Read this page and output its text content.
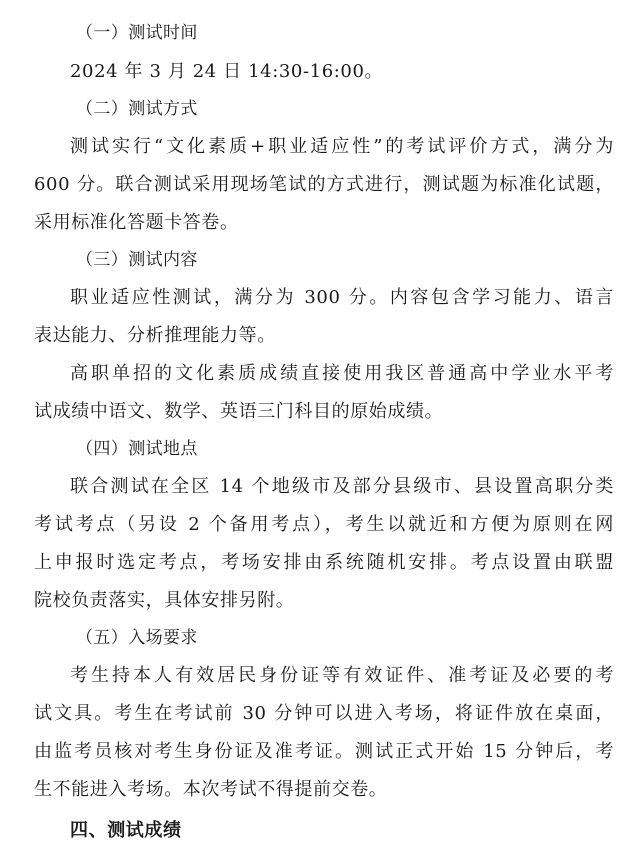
（一）测试时间
2024 年 3 月 24 日 14:30-16:00。
（二）测试方式
测试实行“文化素质+职业适应性”的考试评价方式，满分为
600 分。联合测试采用现场笔试的方式进行，测试题为标准化试题，
采用标准化答题卡答卷。
（三）测试内容
职业适应性测试，满分为 300 分。内容包含学习能力、语言
表达能力、分析推理能力等。
高职单招的文化素质成绩直接使用我区普通高中学业水平考
试成绩中语文、数学、英语三门科目的原始成绩。
（四）测试地点
联合测试在全区 14 个地级市及部分县级市、县设置高职分类
考试考点（另设 2 个备用考点），考生以就近和方便为原则在网
上申报时选定考点，考场安排由系统随机安排。考点设置由联盟
院校负责落实，具体安排另附。
（五）入场要求
考生持本人有效居民身份证等有效证件、准考证及必要的考
试文具。考生在考试前 30 分钟可以进入考场，将证件放在桌面，
由监考员核对考生身份证及准考证。测试正式开始 15 分钟后，考
生不能进入考场。本次考试不得提前交卷。
四、测试成绩
